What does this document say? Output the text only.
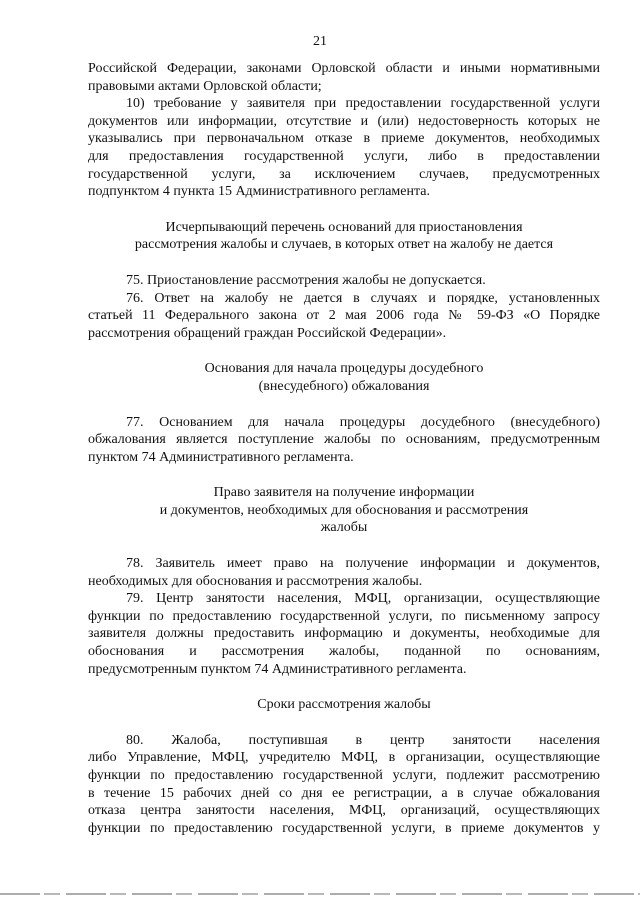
21
Российской Федерации, законами Орловской области и иными нормативными
правовыми актами Орловской области;
10) требование у заявителя при предоставлении государственной услуги
документов или информации, отсутствие и (или) недостоверность которых не
указывались при первоначальном отказе в приеме документов, необходимых
для предоставления государственной услуги, либо в предоставлении
государственной услуги, за исключением случаев, предусмотренных
подпунктом 4 пункта 15 Административного регламента.
Исчерпывающий перечень оснований для приостановления
рассмотрения жалобы и случаев, в которых ответ на жалобу не дается
75. Приостановление рассмотрения жалобы не допускается.
76. Ответ на жалобу не дается в случаях и порядке, установленных
статьей 11 Федерального закона от 2 мая 2006 года № 59-ФЗ «О Порядке
рассмотрения обращений граждан Российской Федерации».
Основания для начала процедуры досудебного
(внесудебного) обжалования
77. Основанием для начала процедуры досудебного (внесудебного)
обжалования является поступление жалобы по основаниям, предусмотренным
пунктом 74 Административного регламента.
Право заявителя на получение информации
и документов, необходимых для обоснования и рассмотрения
жалобы
78. Заявитель имеет право на получение информации и документов,
необходимых для обоснования и рассмотрения жалобы.
79. Центр занятости населения, МФЦ, организации, осуществляющие
функции по предоставлению государственной услуги, по письменному запросу
заявителя должны предоставить информацию и документы, необходимые для
обоснования и рассмотрения жалобы, поданной по основаниям,
предусмотренным пунктом 74 Административного регламента.
Сроки рассмотрения жалобы
80. Жалоба, поступившая в центр занятости населения
либо Управление, МФЦ, учредителю МФЦ, в организации, осуществляющие
функции по предоставлению государственной услуги, подлежит рассмотрению
в течение 15 рабочих дней со дня ее регистрации, а в случае обжалования
отказа центра занятости населения, МФЦ, организаций, осуществляющих
функции по предоставлению государственной услуги, в приеме документов у
